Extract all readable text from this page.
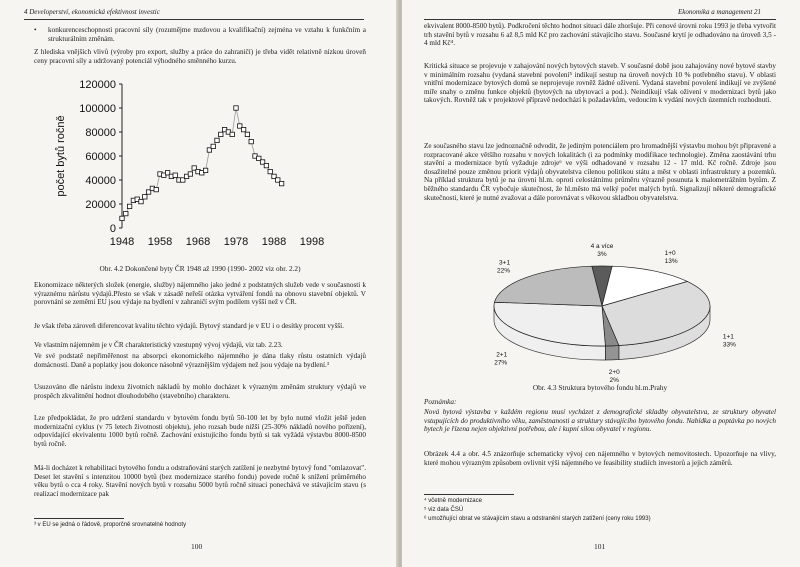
4 Developerství, ekonomická efektivnost investic
•	konkurenceschopnosti pracovní síly (rozumějme mzdovou a kvalifikační) zejména ve vztahu k funkčním a strukturálním změnám.

Z hlediska vnějších vlivů (výroby pro export, služby a práce do zahraničí) je třeba vidět relativně nízkou úroveň ceny pracovní síly a udržovaný potenciál výhodného směnného kurzu.

0
20000
40000
60000
80000
100000
120000
1948 1958 1968 1978 1988 1998
počet bytů ročně
Obr. 4.2 Dokončené byty ČR 1948 až 1990 (1990- 2002 viz obr. 2.2)

Ekonomizace některých složek (energie, služby) nájemného jako jedné z podstatných služeb vede v současnosti k výraznému nárůstu výdajů.Přesto se však v zásadě neřeší otázka vytváření fondů na obnovu stavební objektů. V porovnání se zeměmi EU jsou výdaje na bydlení v zahraničí svým podílem vyšší než v ČR.

Je však třeba zároveň diferencovat kvalitu těchto výdajů. Bytový standard je v EU i o desítky procent vyšší.

Ve vlastním nájemném je v ČR charakteristický vzestupný vývoj výdajů, viz tab. 2.23.

Ve své podstatě nepřiměřenost na absorpci ekonomického nájemného je dána tlaky růstu ostatních výdajů domácností. Daně a poplatky jsou dokonce násobně výraznějším výdajem než jsou výdaje na bydlení.³

Usuzováno dle nárůstu indexu životních nákladů by mohlo docházet k výrazným změnám struktury výdajů ve prospěch zkvalitnění hodnot dlouhodobého (stavebního) charakteru.

Lze předpokládat, že pro udržení standardu v bytovém fondu bytů 50-100 let by bylo nutné vložit ještě jeden modernizační cyklus (v 75 letech životnosti objektu), jeho rozsah bude nižší (25-30% nákladů nového pořízení), odpovídající ekvivalentu 1000 bytů ročně. Zachování existujícího fondu bytů si tak vyžádá výstavbu 8000-8500 bytů ročně.

Má-li docházet k rehabilitaci bytového fondu a odstraňování starých zatížení je nezbytné bytový fond "omlazovat". Deset let stavění s intenzitou 10000 bytů (bez modernizace starého fondu) povede ročně k snížení průměrného věku bytů o cca 4 roky. Stavění nových bytů v rozsahu 5000 bytů ročně situaci ponechává ve stávajícím stavu (s realizací modernizace pak

³ v EU se jedná o řádově, proporčně srovnatelné hodnoty

100
Ekonomika a management 21

ekvivalent 8000-8500 bytů). Podkročení těchto hodnot situaci dále zhoršuje. Při cenové úrovni roku 1993 je třeba vytvořit trh stavění bytů v rozsahu 6 až 8,5 mld Kč pro zachování stávajícího stavu. Současné krytí je odhadováno na úroveň 3,5 - 4 mld Kč⁴.

Kritická situace se projevuje v zahajování nových bytových staveb. V současné době jsou zahajovány nové bytové stavby v minimálním rozsahu (vydaná stavební povolení⁵ indikují sestup na úroveň nových 10 % potřebného stavu). V oblasti vnitřní modernizace bytových domů se neprojevuje rovněž žádné oživení. Vydaná stavební povolení indikují ve zvýšené míře snahy o změnu funkce objektů (bytových na ubytovací a pod.). Neindikují však oživení v modernizaci bytů jako takových. Rovněž tak v projektové přípravě nedochází k požadavkům, vedoucím k vydání nových územních rozhodnutí.

Ze současného stavu lze jednoznačně odvodit, že jediným potenciálem pro hromadnější výstavbu mohou být připravené a rozpracované akce většího rozsahu v nových lokalitách (i za podmínky modifikace technologie). Změna zaostávání trhu stavění a modernizace bytů vyžaduje zdroje⁶ ve výši odhadované v rozsahu 12 - 17 mld. Kč ročně. Zdroje jsou dosažitelné pouze změnou priorit výdajů obyvatelstva cílenou politikou státu a měst v oblasti infrastruktury a pozemků. Na příklad struktura bytů je na úrovni hl.m. oproti celostátnímu průměru výrazně posunuta k malometrážním bytům. Z běžného standardu ČR vybočuje skutečnost, že hl.město má velký počet malých bytů. Signalizují některé demografické skutečnosti, které je nutné zvažovat a dále porovnávat s věkovou skladbou obyvatelstva.

4 a více
3%	1+0
13%
1+1
33%
2+0
2%
2+1
27%
3+1
22%
Obr. 4.3 Struktura bytového fondu hl.m.Prahy

Poznámka:

Nová bytová výstavba v každém regionu musí vycházet z demografické skladby obyvatelstva, ze struktury obyvatel vstupujících do produktivního věku, zaměstnanosti a struktury stávajícího bytového fondu. Nabídka a poptávka po nových bytech je řízena nejen objektivní potřebou, ale i kupní silou obyvatel v regionu.

Obrázek 4.4 a obr. 4.5 znázorňuje schematicky vývoj cen nájemného v bytových nemovitostech. Upozorňuje na vlivy, které mohou výrazným způsobem ovlivnit výši nájemného ve feasibility studiích investorů a jejich záměrů.

⁴ včetně modernizace

⁵ viz data ČSÚ

⁶ umožňující obrat ve stávajícím stavu a odstranění starých zatížení (ceny roku 1993)

101
